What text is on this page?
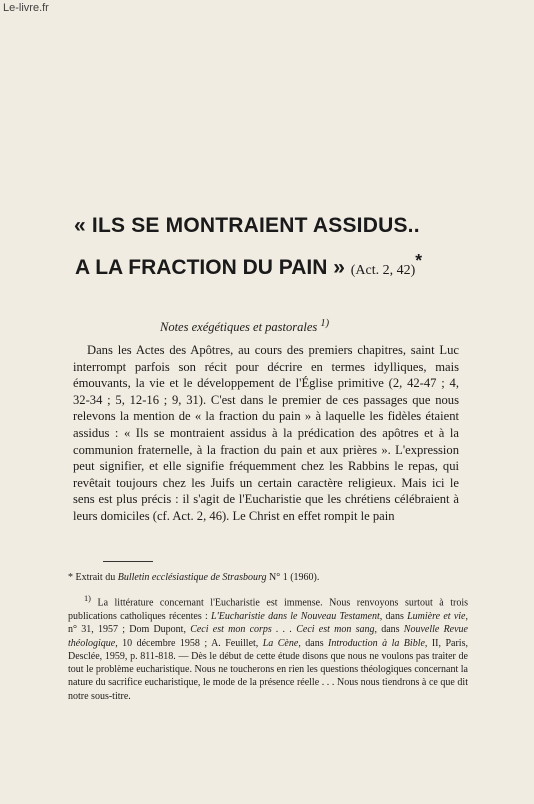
Le-livre.fr
« ILS SE MONTRAIENT ASSIDUS..
A LA FRACTION DU PAIN » (Act. 2, 42)*
Notes exégétiques et pastorales $^{1)}$

Dans les Actes des Apôtres, au cours des premiers chapitres, saint Luc interrompt parfois son récit pour décrire en termes idylliques, mais émouvants, la vie et le développement de l'Église primitive (2, 42-47 ; 4, 32-34 ; 5, 12-16 ; 9, 31). C'est dans le premier de ces passages que nous relevons la mention de « la fraction du pain » à laquelle les fidèles étaient assidus : « Ils se montraient assidus à la prédication des apôtres et à la communion fraternelle, à la fraction du pain et aux prières ». L'expression peut signifier, et elle signifie fréquemment chez les Rabbins le repas, qui revêtait toujours chez les Juifs un certain caractère religieux. Mais ici le sens est plus précis : il s'agit de l'Eucharistie que les chrétiens célébraient à leurs domiciles (cf. Act. 2, 46). Le Christ en effet rompit le pain

* Extrait du Bulletin ecclésiastique de Strasbourg N° 1 (1960).

$^{1)}$ La littérature concernant l'Eucharistie est immense. Nous renvoyons surtout à trois publications catholiques récentes : L'Eucharistie dans le Nouveau Testament, dans Lumière et vie, n° 31, 1957 ; Dom Dupont, Ceci est mon corps . . . Ceci est mon sang, dans Nouvelle Revue théologique, 10 décembre 1958 ; A. Feuillet, La Cène, dans Introduction à la Bible, II, Paris, Desclée, 1959, p. 811-818. — Dès le début de cette étude disons que nous ne voulons pas traiter de tout le problème eucharistique. Nous ne toucherons en rien les questions théologiques concernant la nature du sacrifice eucharistique, le mode de la présence réelle . . . Nous nous tiendrons à ce que dit notre sous-titre.
